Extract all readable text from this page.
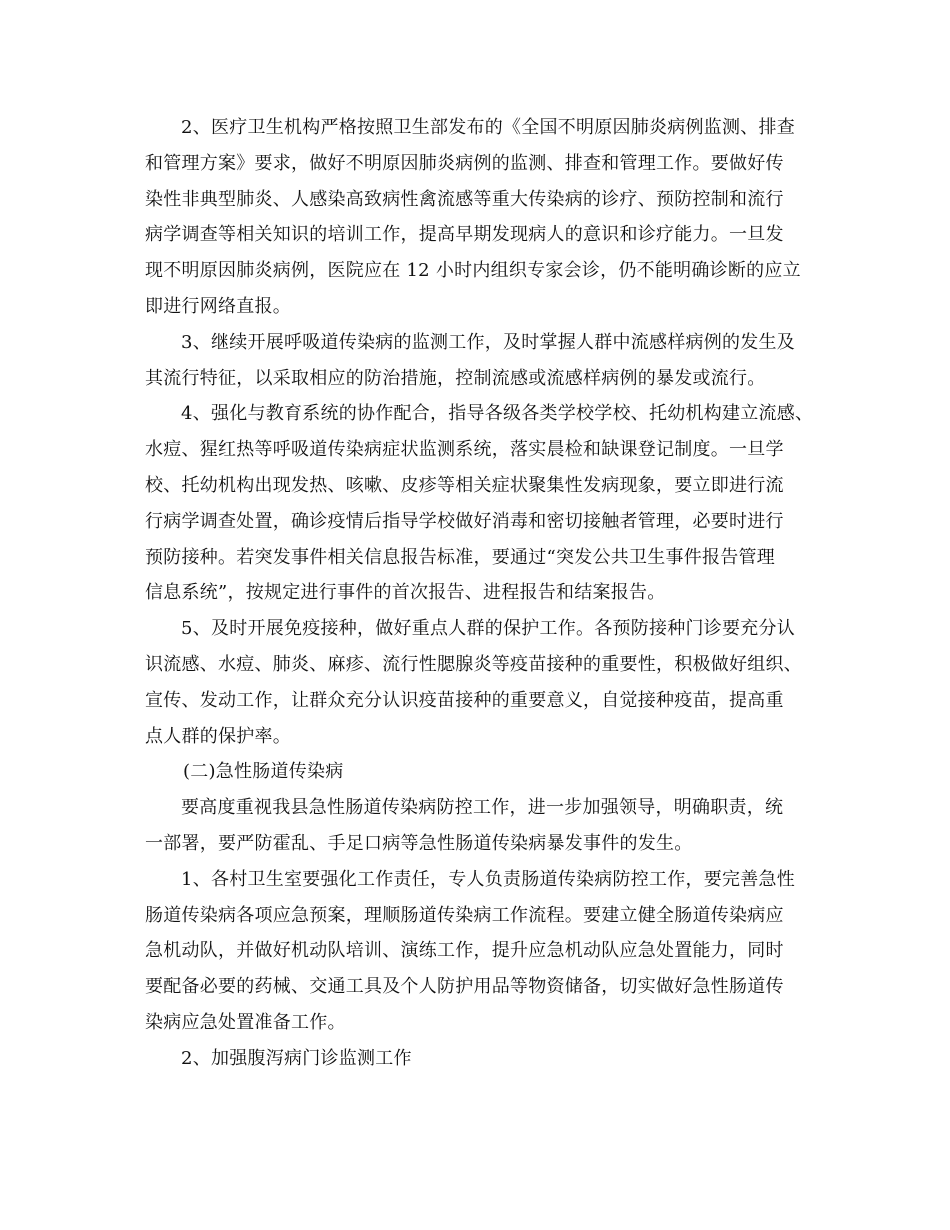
2、医疗卫生机构严格按照卫生部发布的《全国不明原因肺炎病例监测、排查
和管理方案》要求，做好不明原因肺炎病例的监测、排查和管理工作。要做好传
染性非典型肺炎、人感染高致病性禽流感等重大传染病的诊疗、预防控制和流行
病学调查等相关知识的培训工作，提高早期发现病人的意识和诊疗能力。一旦发
现不明原因肺炎病例，医院应在 12 小时内组织专家会诊，仍不能明确诊断的应立
即进行网络直报。
3、继续开展呼吸道传染病的监测工作，及时掌握人群中流感样病例的发生及
其流行特征，以采取相应的防治措施，控制流感或流感样病例的暴发或流行。
4、强化与教育系统的协作配合，指导各级各类学校学校、托幼机构建立流感、
水痘、猩红热等呼吸道传染病症状监测系统，落实晨检和缺课登记制度。一旦学
校、托幼机构出现发热、咳嗽、皮疹等相关症状聚集性发病现象，要立即进行流
行病学调查处置，确诊疫情后指导学校做好消毒和密切接触者管理，必要时进行
预防接种。若突发事件相关信息报告标准，要通过“突发公共卫生事件报告管理
信息系统”，按规定进行事件的首次报告、进程报告和结案报告。
5、及时开展免疫接种，做好重点人群的保护工作。各预防接种门诊要充分认
识流感、水痘、肺炎、麻疹、流行性腮腺炎等疫苗接种的重要性，积极做好组织、
宣传、发动工作，让群众充分认识疫苗接种的重要意义，自觉接种疫苗，提高重
点人群的保护率。
(二)急性肠道传染病
要高度重视我县急性肠道传染病防控工作，进一步加强领导，明确职责，统
一部署，要严防霍乱、手足口病等急性肠道传染病暴发事件的发生。
1、各村卫生室要强化工作责任，专人负责肠道传染病防控工作，要完善急性
肠道传染病各项应急预案，理顺肠道传染病工作流程。要建立健全肠道传染病应
急机动队，并做好机动队培训、演练工作，提升应急机动队应急处置能力，同时
要配备必要的药械、交通工具及个人防护用品等物资储备，切实做好急性肠道传
染病应急处置准备工作。
2、加强腹泻病门诊监测工作
